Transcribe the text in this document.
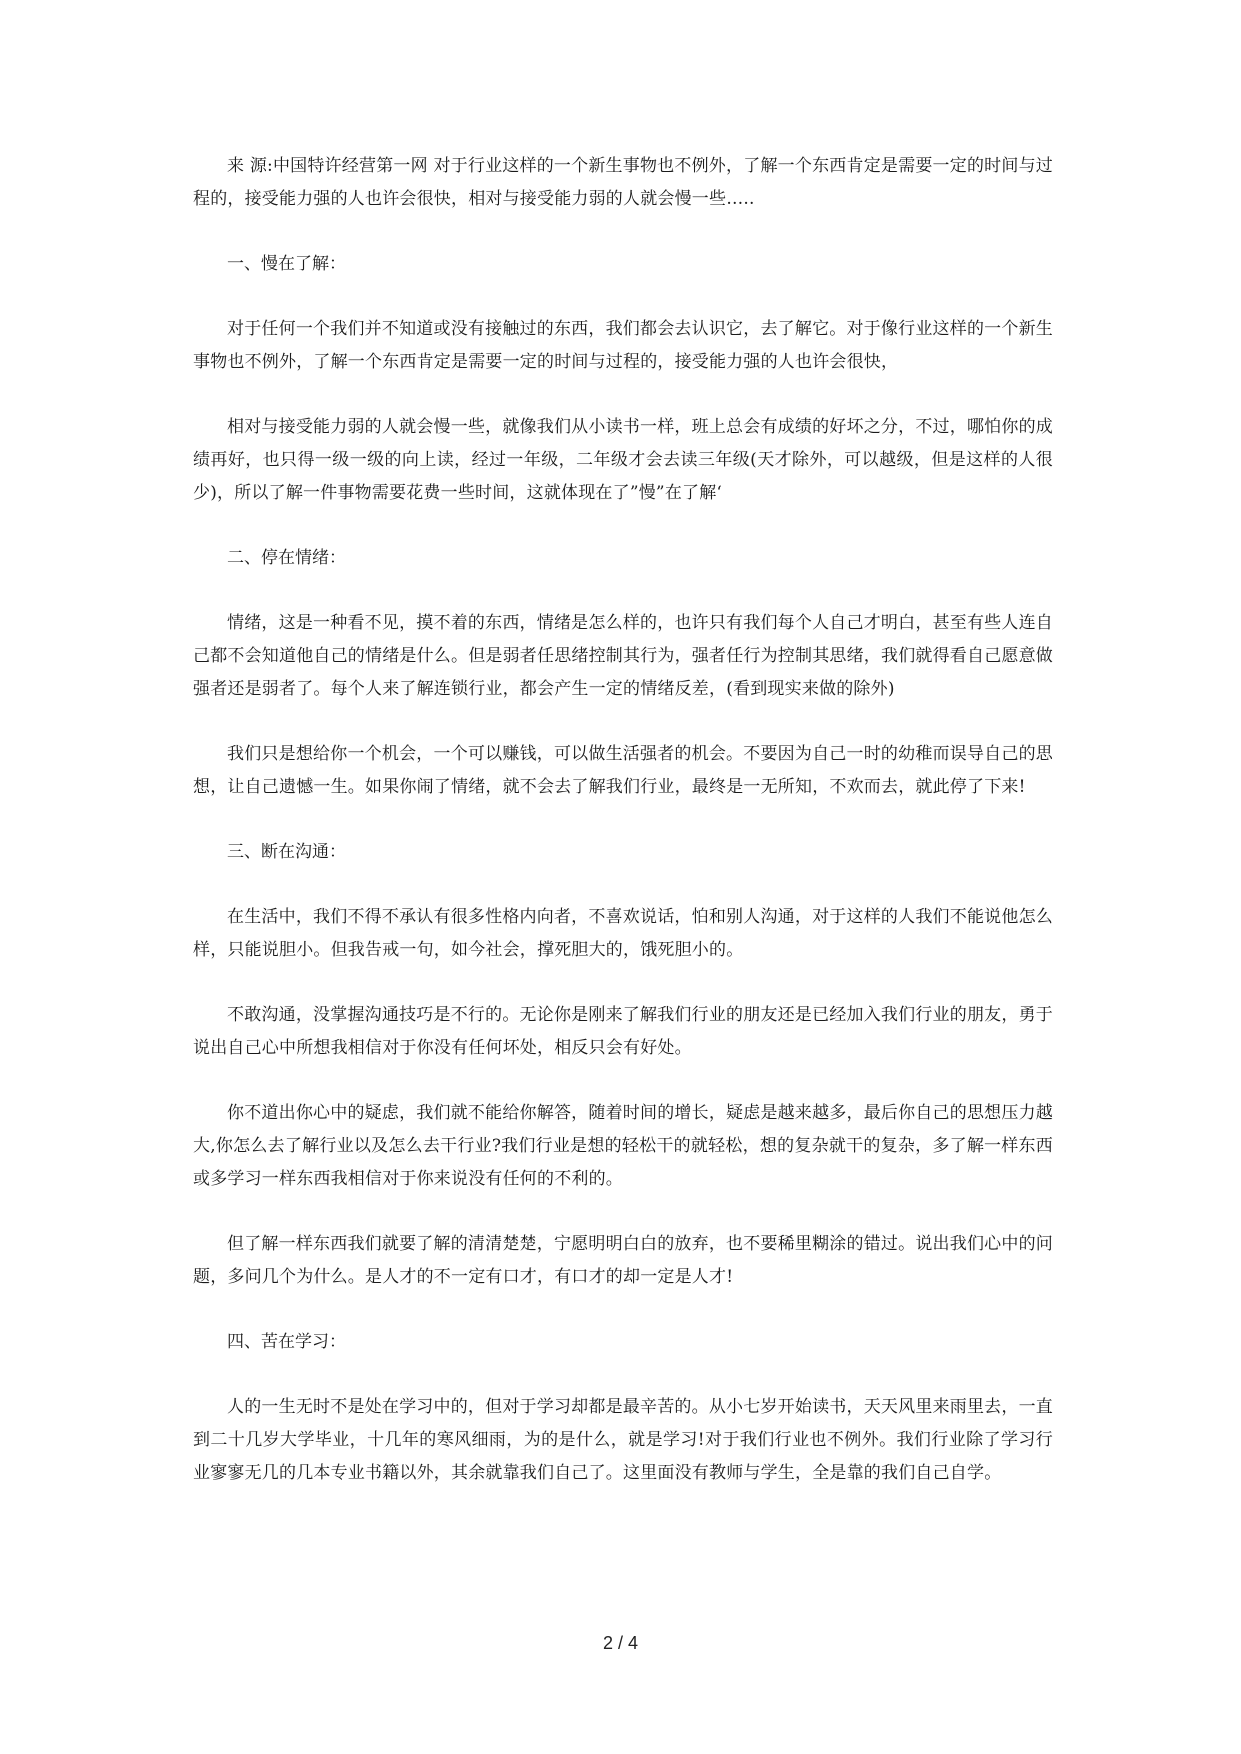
来 源:中国特许经营第一网 对于行业这样的一个新生事物也不例外，了解一个东西肯定是需要一定的时间与过程的，接受能力强的人也许会很快，相对与接受能力弱的人就会慢一些…..

一、慢在了解：

对于任何一个我们并不知道或没有接触过的东西，我们都会去认识它，去了解它。对于像行业这样的一个新生事物也不例外，了解一个东西肯定是需要一定的时间与过程的，接受能力强的人也许会很快，

相对与接受能力弱的人就会慢一些，就像我们从小读书一样，班上总会有成绩的好坏之分，不过，哪怕你的成绩再好，也只得一级一级的向上读，经过一年级，二年级才会去读三年级(天才除外，可以越级，但是这样的人很少)，所以了解一件事物需要花费一些时间，这就体现在了”慢”在了解‘

二、停在情绪：

情绪，这是一种看不见，摸不着的东西，情绪是怎么样的，也许只有我们每个人自己才明白，甚至有些人连自己都不会知道他自己的情绪是什么。但是弱者任思绪控制其行为，强者任行为控制其思绪，我们就得看自己愿意做强者还是弱者了。每个人来了解连锁行业，都会产生一定的情绪反差，(看到现实来做的除外)

我们只是想给你一个机会，一个可以赚钱，可以做生活强者的机会。不要因为自己一时的幼稚而误导自己的思想，让自己遗憾一生。如果你闹了情绪，就不会去了解我们行业，最终是一无所知，不欢而去，就此停了下来!

三、断在沟通：

在生活中，我们不得不承认有很多性格内向者，不喜欢说话，怕和别人沟通，对于这样的人我们不能说他怎么样，只能说胆小。但我告戒一句，如今社会，撑死胆大的，饿死胆小的。

不敢沟通，没掌握沟通技巧是不行的。无论你是刚来了解我们行业的朋友还是已经加入我们行业的朋友，勇于说出自己心中所想我相信对于你没有任何坏处，相反只会有好处。

你不道出你心中的疑虑，我们就不能给你解答，随着时间的增长，疑虑是越来越多，最后你自己的思想压力越大,你怎么去了解行业以及怎么去干行业?我们行业是想的轻松干的就轻松，想的复杂就干的复杂，多了解一样东西或多学习一样东西我相信对于你来说没有任何的不利的。

但了解一样东西我们就要了解的清清楚楚，宁愿明明白白的放弃，也不要稀里糊涂的错过。说出我们心中的问题，多问几个为什么。是人才的不一定有口才，有口才的却一定是人才!

四、苦在学习：

人的一生无时不是处在学习中的，但对于学习却都是最辛苦的。从小七岁开始读书，天天风里来雨里去，一直到二十几岁大学毕业，十几年的寒风细雨，为的是什么，就是学习!对于我们行业也不例外。我们行业除了学习行业寥寥无几的几本专业书籍以外，其余就靠我们自己了。这里面没有教师与学生，全是靠的我们自己自学。

2 / 4
